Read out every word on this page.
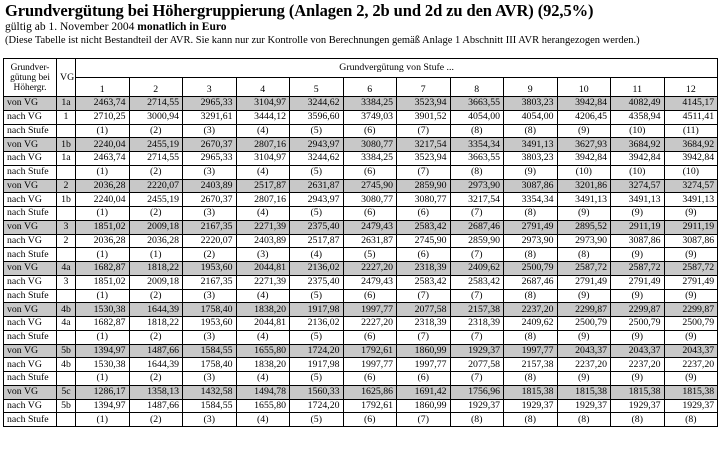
Grundvergütung bei Höhergruppierung (Anlagen 2, 2b und 2d zu den AVR) (92,5%)
gültig ab 1. November 2004 monatlich in Euro
(Diese Tabelle ist nicht Bestandteil der AVR. Sie kann nur zur Kontrolle von Berechnungen gemäß Anlage 1 Abschnitt III AVR herangezogen werden.)
Grundver-
gütung bei
Höhergr.	VG	Grundvergütung von Stufe ...											
		1	2	3	4	5	6	7	8	9	10	11	12
von VG	1a	2463,74	2714,55	2965,33	3104,97	3244,62	3384,25	3523,94	3663,55	3803,23	3942,84	4082,49	4145,17
nach VG	1	2710,25	3000,94	3291,61	3444,12	3596,60	3749,03	3901,52	4054,00	4054,00	4206,45	4358,94	4511,41
nach Stufe		(1)	(2)	(3)	(4)	(5)	(6)	(7)	(8)	(8)	(9)	(10)	(11)
von VG	1b	2240,04	2455,19	2670,37	2807,16	2943,97	3080,77	3217,54	3354,34	3491,13	3627,93	3684,92	3684,92
nach VG	1a	2463,74	2714,55	2965,33	3104,97	3244,62	3384,25	3523,94	3663,55	3803,23	3942,84	3942,84	3942,84
nach Stufe		(1)	(2)	(3)	(4)	(5)	(6)	(7)	(8)	(9)	(10)	(10)	(10)
von VG	2	2036,28	2220,07	2403,89	2517,87	2631,87	2745,90	2859,90	2973,90	3087,86	3201,86	3274,57	3274,57
nach VG	1b	2240,04	2455,19	2670,37	2807,16	2943,97	3080,77	3080,77	3217,54	3354,34	3491,13	3491,13	3491,13
nach Stufe		(1)	(2)	(3)	(4)	(5)	(6)	(6)	(7)	(8)	(9)	(9)	(9)
von VG	3	1851,02	2009,18	2167,35	2271,39	2375,40	2479,43	2583,42	2687,46	2791,49	2895,52	2911,19	2911,19
nach VG	2	2036,28	2036,28	2220,07	2403,89	2517,87	2631,87	2745,90	2859,90	2973,90	2973,90	3087,86	3087,86
nach Stufe		(1)	(1)	(2)	(3)	(4)	(5)	(6)	(7)	(8)	(8)	(9)	(9)
von VG	4a	1682,87	1818,22	1953,60	2044,81	2136,02	2227,20	2318,39	2409,62	2500,79	2587,72	2587,72	2587,72
nach VG	3	1851,02	2009,18	2167,35	2271,39	2375,40	2479,43	2583,42	2583,42	2687,46	2791,49	2791,49	2791,49
nach Stufe		(1)	(2)	(3)	(4)	(5)	(6)	(7)	(7)	(8)	(9)	(9)	(9)
von VG	4b	1530,38	1644,39	1758,40	1838,20	1917,98	1997,77	2077,58	2157,38	2237,20	2299,87	2299,87	2299,87
nach VG	4a	1682,87	1818,22	1953,60	2044,81	2136,02	2227,20	2318,39	2318,39	2409,62	2500,79	2500,79	2500,79
nach Stufe		(1)	(2)	(3)	(4)	(5)	(6)	(7)	(7)	(8)	(9)	(9)	(9)
von VG	5b	1394,97	1487,66	1584,55	1655,80	1724,20	1792,61	1860,99	1929,37	1997,77	2043,37	2043,37	2043,37
nach VG	4b	1530,38	1644,39	1758,40	1838,20	1917,98	1997,77	1997,77	2077,58	2157,38	2237,20	2237,20	2237,20
nach Stufe		(1)	(2)	(3)	(4)	(5)	(6)	(6)	(7)	(8)	(9)	(9)	(9)
von VG	5c	1286,17	1358,13	1432,58	1494,78	1560,33	1625,86	1691,42	1756,96	1815,38	1815,38	1815,38	1815,38
nach VG	5b	1394,97	1487,66	1584,55	1655,80	1724,20	1792,61	1860,99	1929,37	1929,37	1929,37	1929,37	1929,37
nach Stufe		(1)	(2)	(3)	(4)	(5)	(6)	(7)	(8)	(8)	(8)	(8)	(8)
